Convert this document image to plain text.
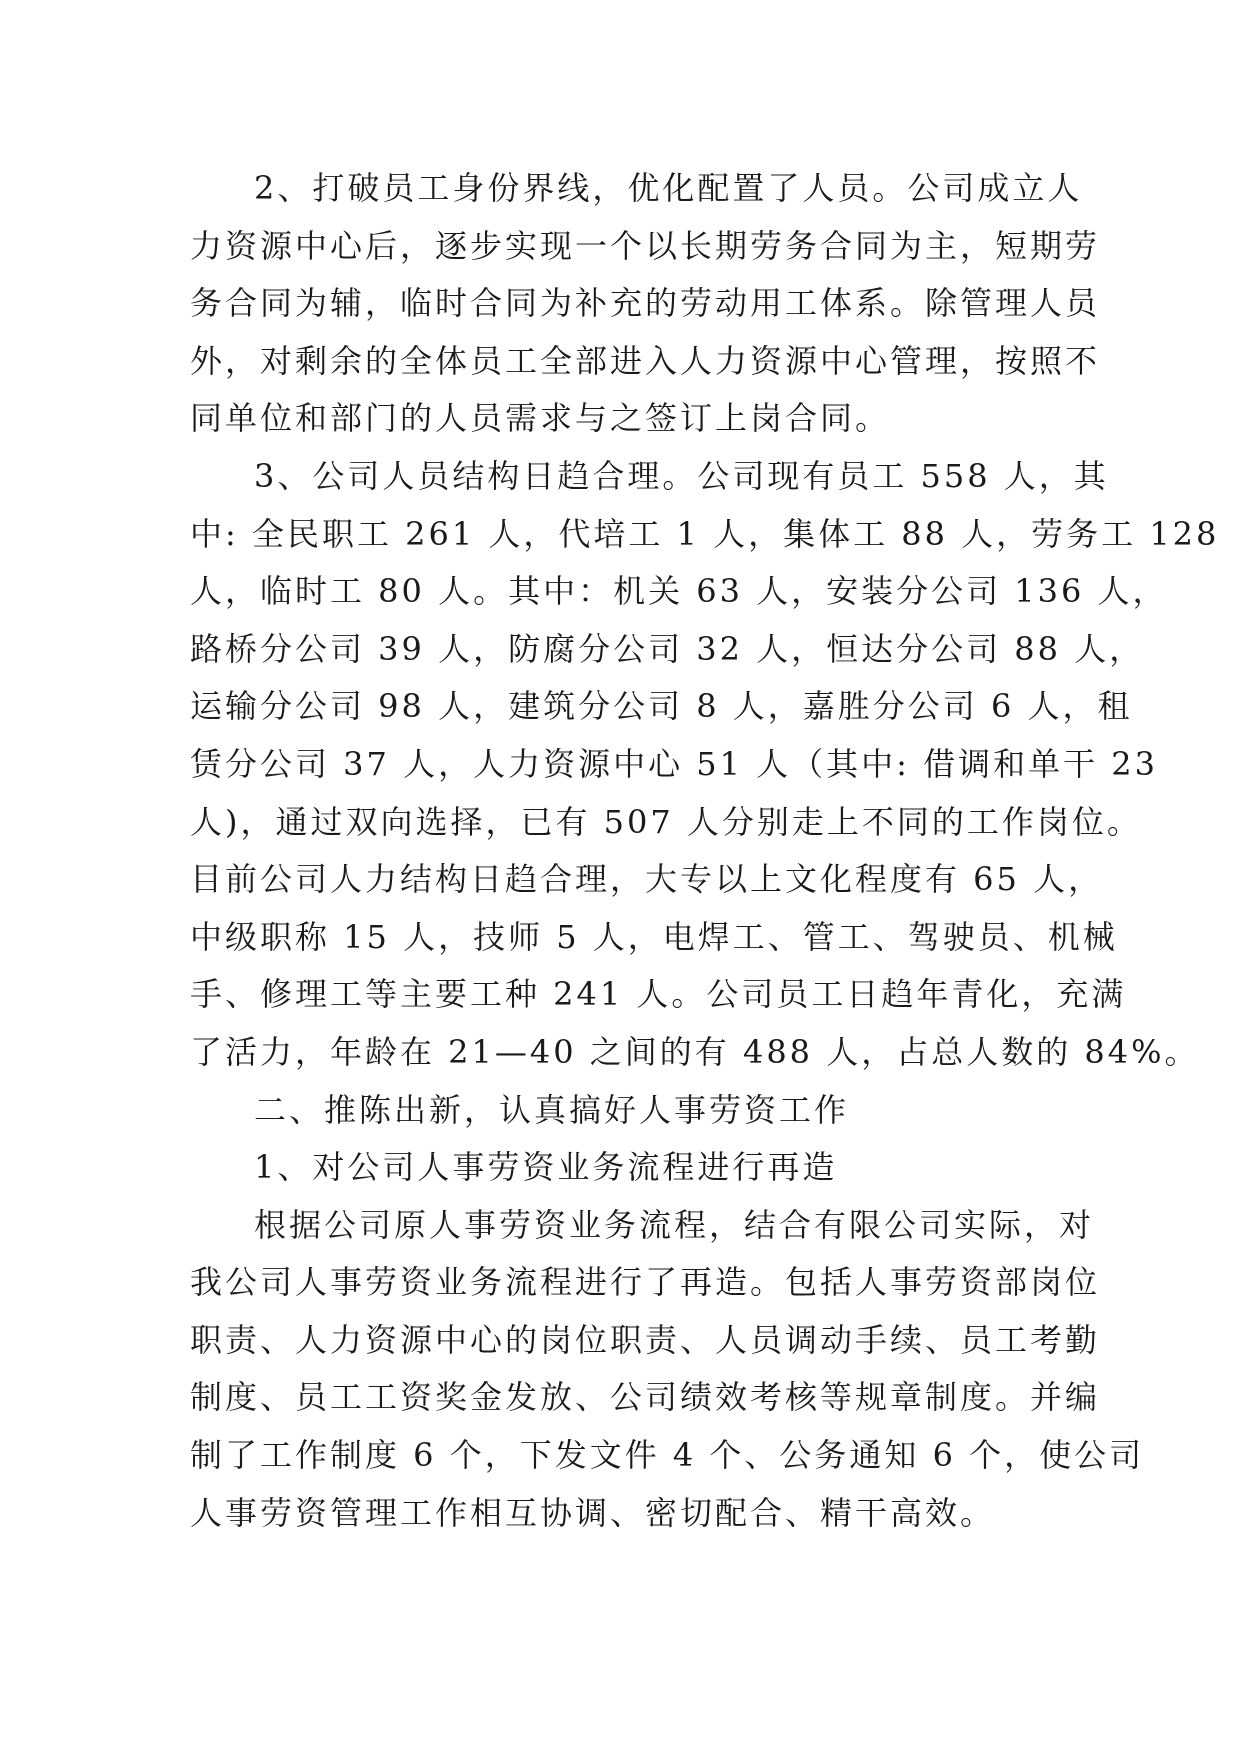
2、打破员工身份界线，优化配置了人员。公司成立人
力资源中心后，逐步实现一个以长期劳务合同为主，短期劳
务合同为辅，临时合同为补充的劳动用工体系。除管理人员
外，对剩余的全体员工全部进入人力资源中心管理，按照不
同单位和部门的人员需求与之签订上岗合同。
3、公司人员结构日趋合理。公司现有员工 558 人，其
中: 全民职工 261 人，代培工 1 人，集体工 88 人，劳务工 128
人，临时工 80 人。其中：机关 63 人，安装分公司 136 人，
路桥分公司 39 人，防腐分公司 32 人，恒达分公司 88 人，
运输分公司 98 人，建筑分公司 8 人，嘉胜分公司 6 人，租
赁分公司 37 人，人力资源中心 51 人（其中: 借调和单干 23
人)，通过双向选择，已有 507 人分别走上不同的工作岗位。
目前公司人力结构日趋合理，大专以上文化程度有 65 人，
中级职称 15 人，技师 5 人，电焊工、管工、驾驶员、机械
手、修理工等主要工种 241 人。公司员工日趋年青化，充满
了活力，年龄在 21—40 之间的有 488 人，占总人数的 84%。
二、推陈出新，认真搞好人事劳资工作
1、对公司人事劳资业务流程进行再造
根据公司原人事劳资业务流程，结合有限公司实际，对
我公司人事劳资业务流程进行了再造。包括人事劳资部岗位
职责、人力资源中心的岗位职责、人员调动手续、员工考勤
制度、员工工资奖金发放、公司绩效考核等规章制度。并编
制了工作制度 6 个，下发文件 4 个、公务通知 6 个，使公司
人事劳资管理工作相互协调、密切配合、精干高效。
